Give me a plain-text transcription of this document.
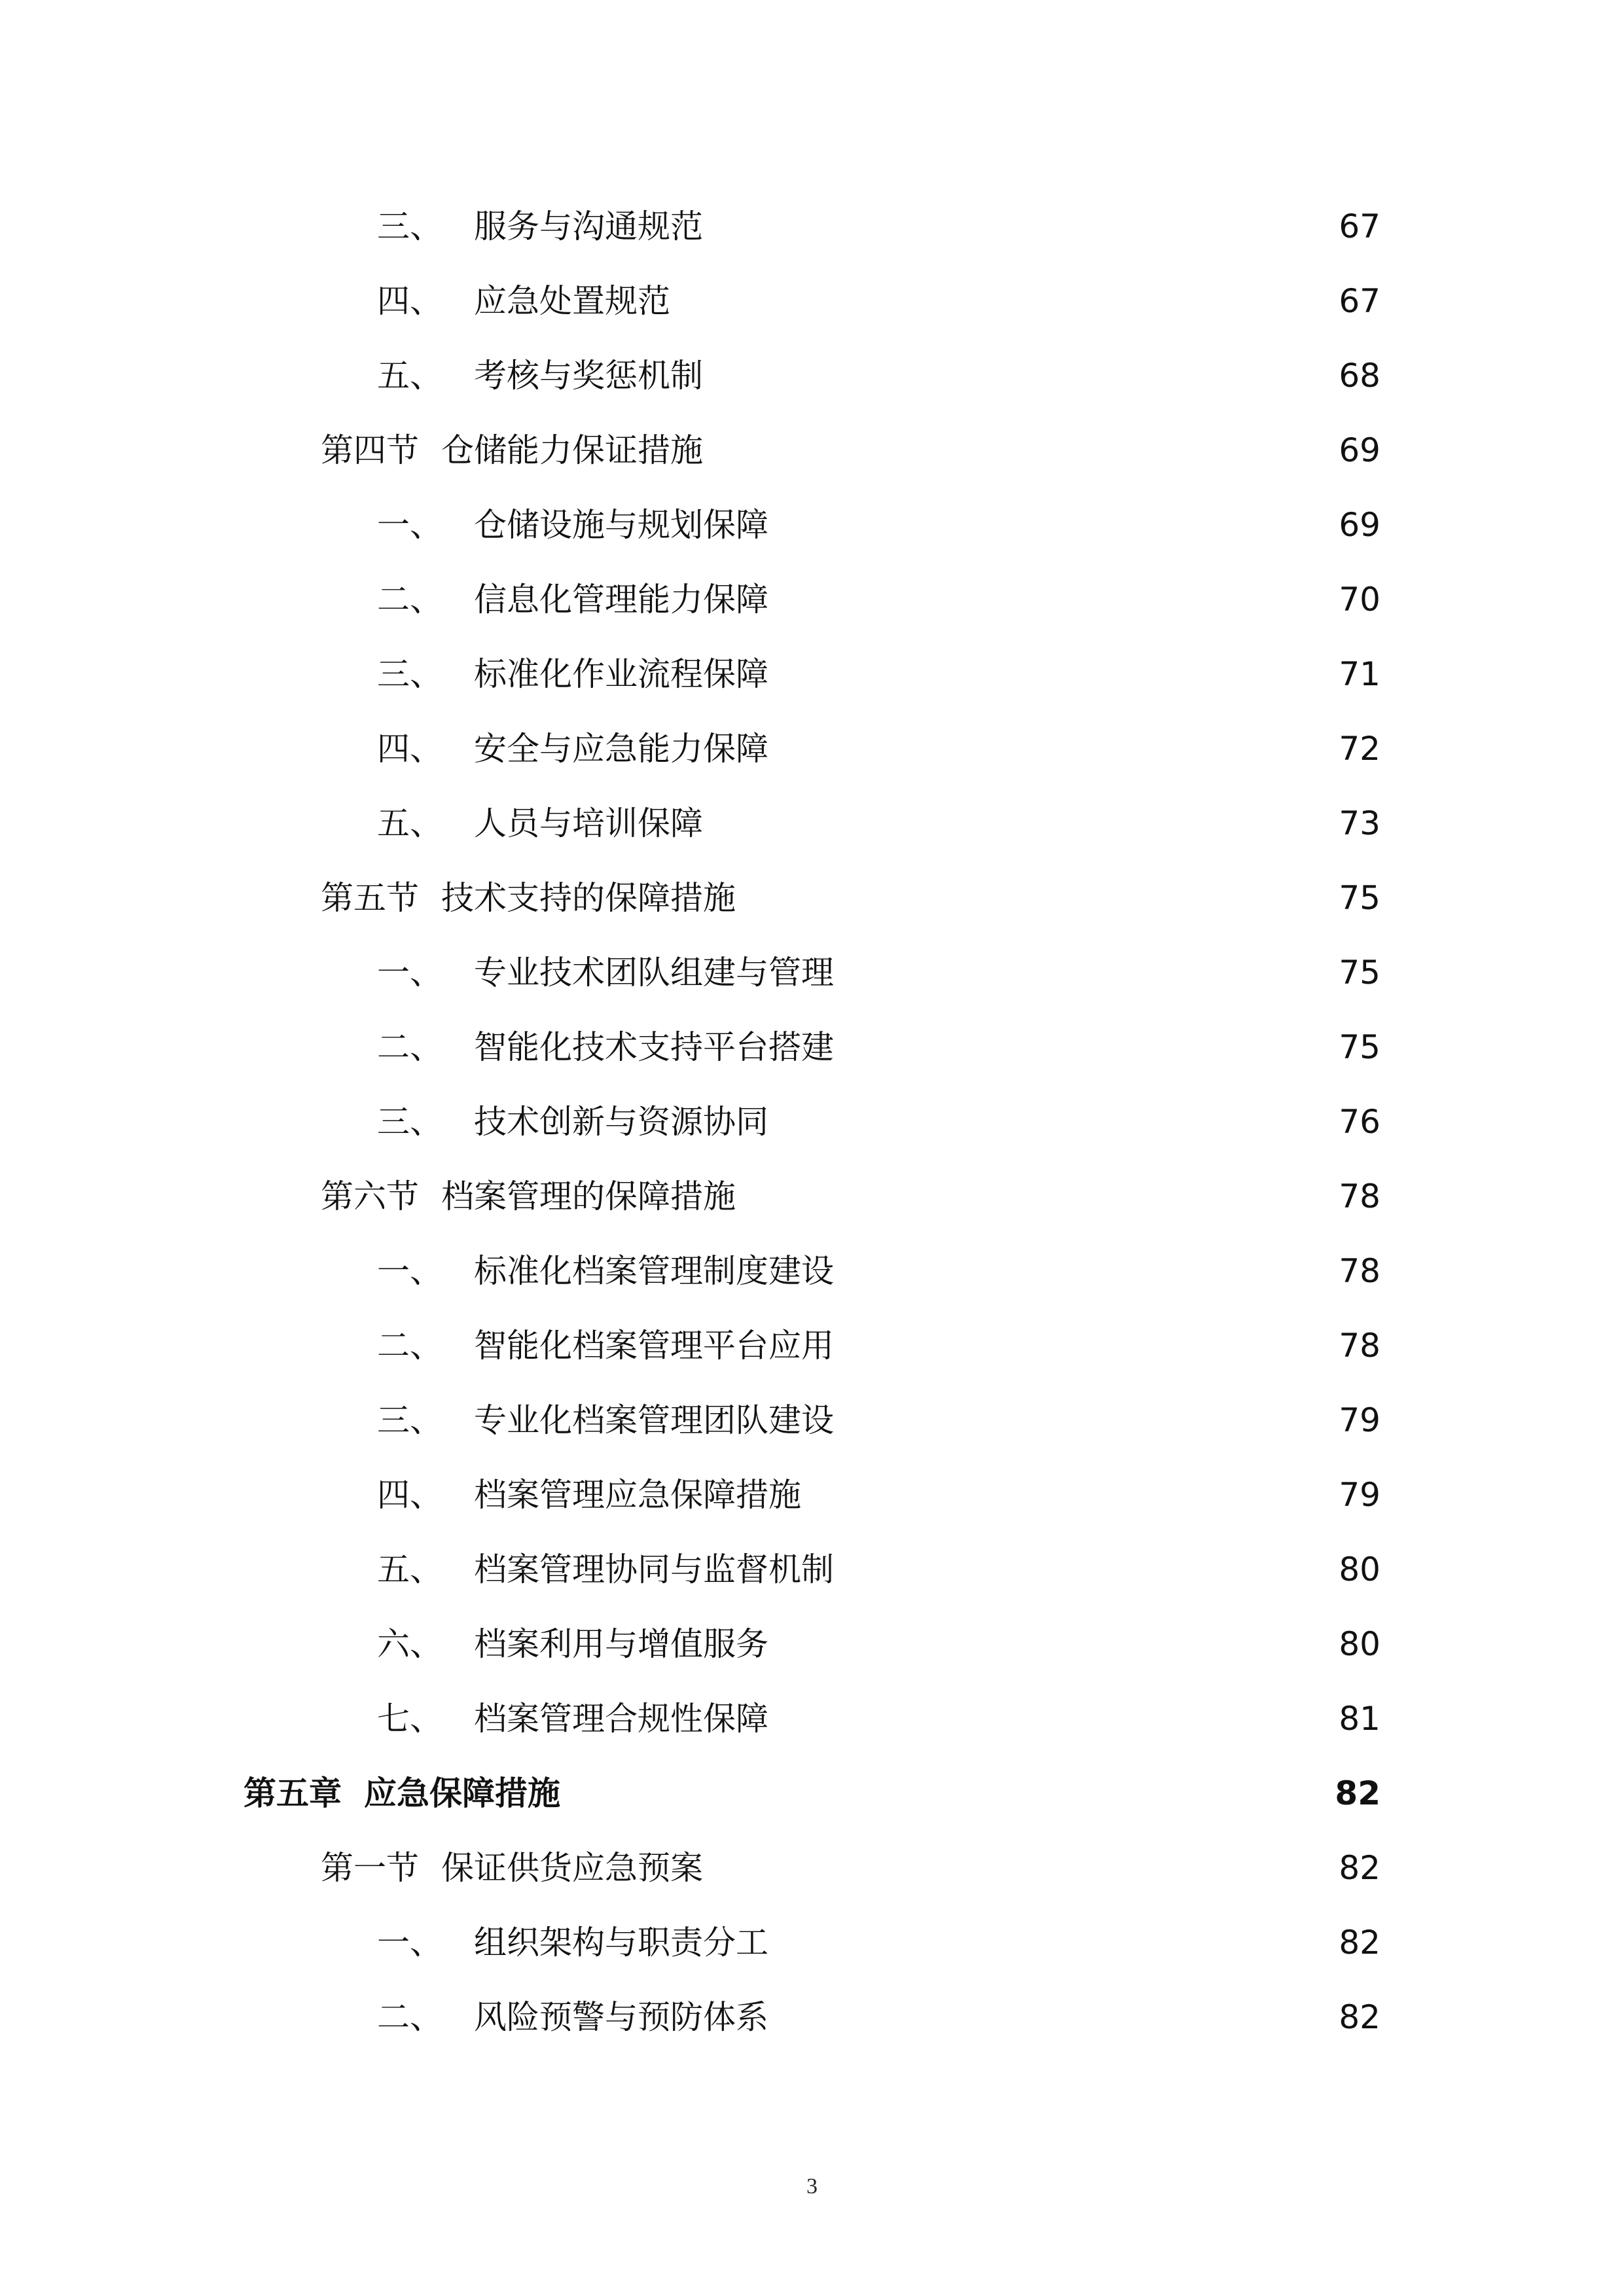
三、 服务与沟通规范	67
四、 应急处置规范	67
五、 考核与奖惩机制	68
第四节 仓储能力保证措施	69
一、 仓储设施与规划保障	69
二、 信息化管理能力保障	70
三、 标准化作业流程保障	71
四、 安全与应急能力保障	72
五、 人员与培训保障	73
第五节 技术支持的保障措施	75
一、 专业技术团队组建与管理	75
二、 智能化技术支持平台搭建	75
三、 技术创新与资源协同	76
第六节 档案管理的保障措施	78
一、 标准化档案管理制度建设	78
二、 智能化档案管理平台应用	78
三、 专业化档案管理团队建设	79
四、 档案管理应急保障措施	79
五、 档案管理协同与监督机制	80
六、 档案利用与增值服务	80
七、 档案管理合规性保障	81
第五章 应急保障措施	82
第一节 保证供货应急预案	82
一、 组织架构与职责分工	82
二、 风险预警与预防体系	82
3
